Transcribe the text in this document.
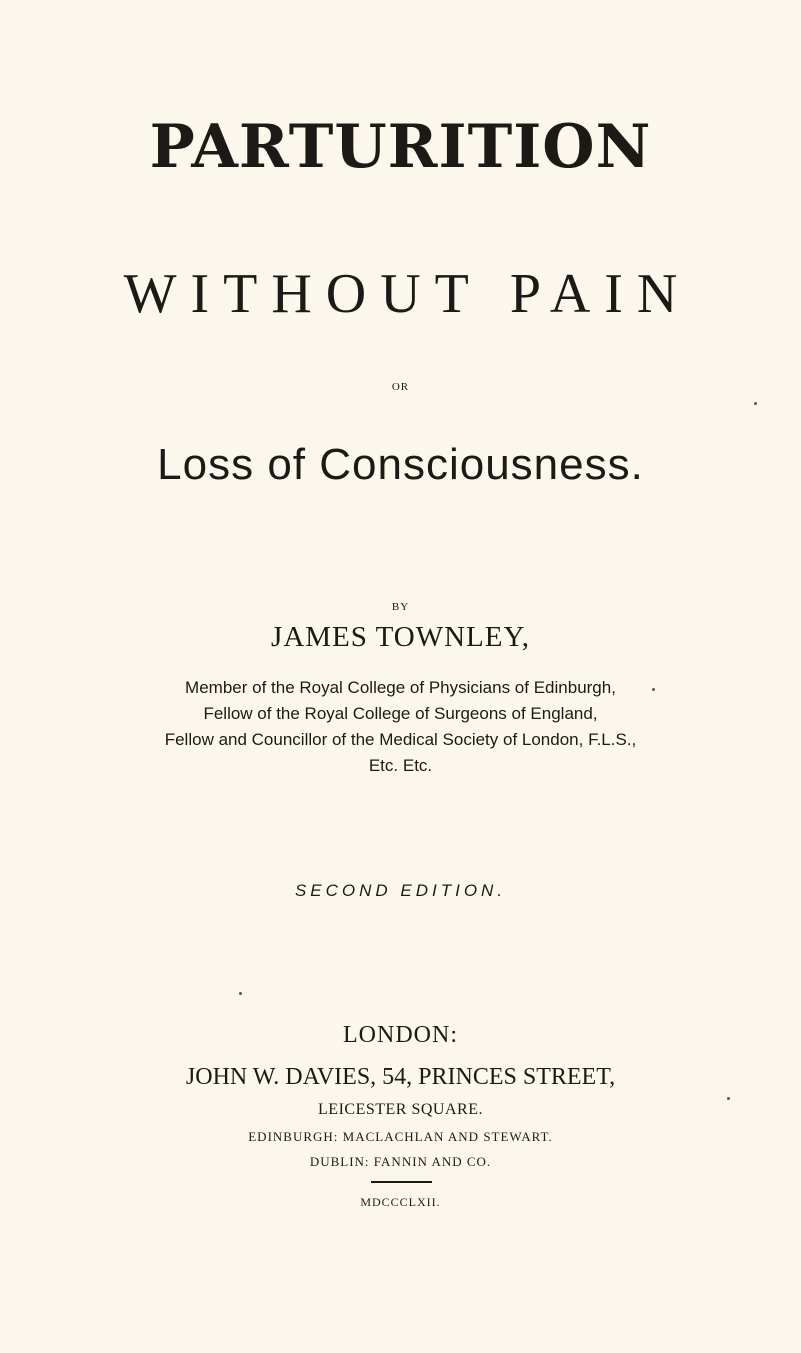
PARTURITION
WITHOUT PAIN
OR
Loss of Consciousness.
BY
JAMES TOWNLEY,
Member of the Royal College of Physicians of Edinburgh,
Fellow of the Royal College of Surgeons of England,
Fellow and Councillor of the Medical Society of London, F.L.S.,
Etc. Etc.
SECOND EDITION.
LONDON:
JOHN W. DAVIES, 54, PRINCES STREET,
LEICESTER SQUARE.
EDINBURGH: MACLACHLAN AND STEWART.
DUBLIN: FANNIN AND CO.
MDCCCLXII.
